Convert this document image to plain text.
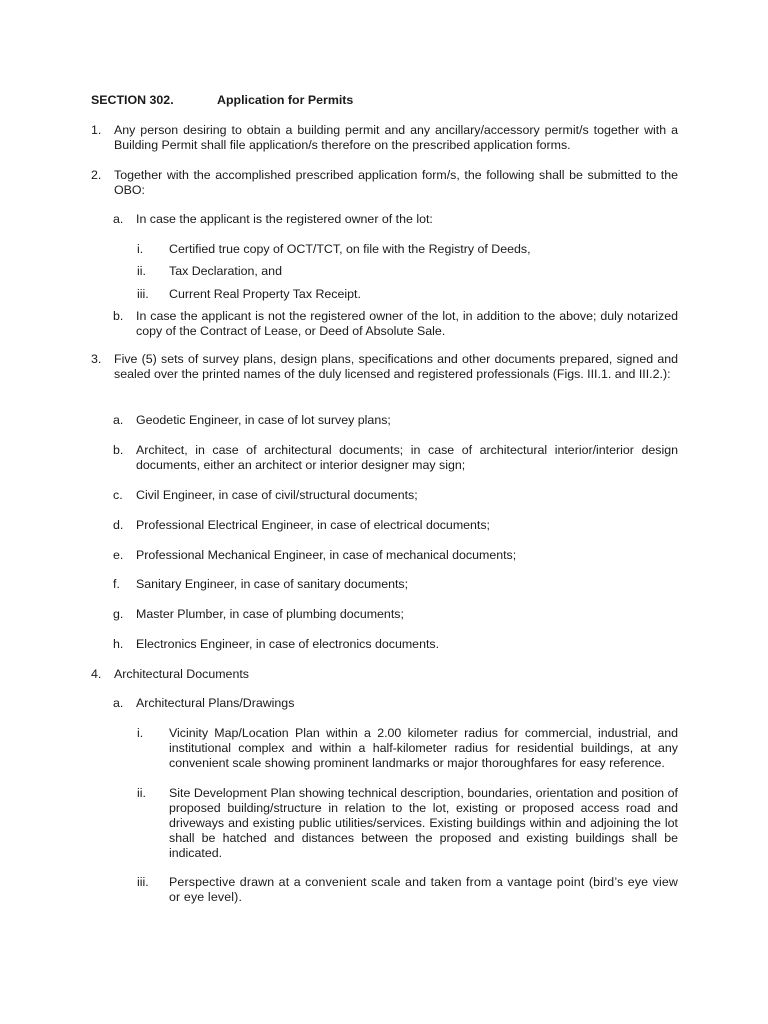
SECTION 302.	Application for Permits
1.	Any person desiring to obtain a building permit and any ancillary/accessory permit/s together with a Building Permit shall file application/s therefore on the prescribed application forms.
2.	Together with the accomplished prescribed application form/s, the following shall be submitted to the OBO:
a.	In case the applicant is the registered owner of the lot:
i.	Certified true copy of OCT/TCT, on file with the Registry of Deeds,
ii.	Tax Declaration, and
iii.	Current Real Property Tax Receipt.
b.	In case the applicant is not the registered owner of the lot, in addition to the above; duly notarized copy of the Contract of Lease, or Deed of Absolute Sale.
3.	Five (5) sets of survey plans, design plans, specifications and other documents prepared, signed and sealed over the printed names of the duly licensed and registered professionals (Figs. III.1. and III.2.):
a.	Geodetic Engineer, in case of lot survey plans;
b.	Architect, in case of architectural documents; in case of architectural interior/interior design documents, either an architect or interior designer may sign;
c.	Civil Engineer, in case of civil/structural documents;
d.	Professional Electrical Engineer, in case of electrical documents;
e.	Professional Mechanical Engineer, in case of mechanical documents;
f.	Sanitary Engineer, in case of sanitary documents;
g.	Master Plumber, in case of plumbing documents;
h.	Electronics Engineer, in case of electronics documents.
4.	Architectural Documents
a.	Architectural Plans/Drawings
i.	Vicinity Map/Location Plan within a 2.00 kilometer radius for commercial, industrial, and institutional complex and within a half-kilometer radius for residential buildings, at any convenient scale showing prominent landmarks or major thoroughfares for easy reference.
ii.	Site Development Plan showing technical description, boundaries, orientation and position of proposed building/structure in relation to the lot, existing or proposed access road and driveways and existing public utilities/services. Existing buildings within and adjoining the lot shall be hatched and distances between the proposed and existing buildings shall be indicated.
iii.	Perspective drawn at a convenient scale and taken from a vantage point (bird’s eye view or eye level).
